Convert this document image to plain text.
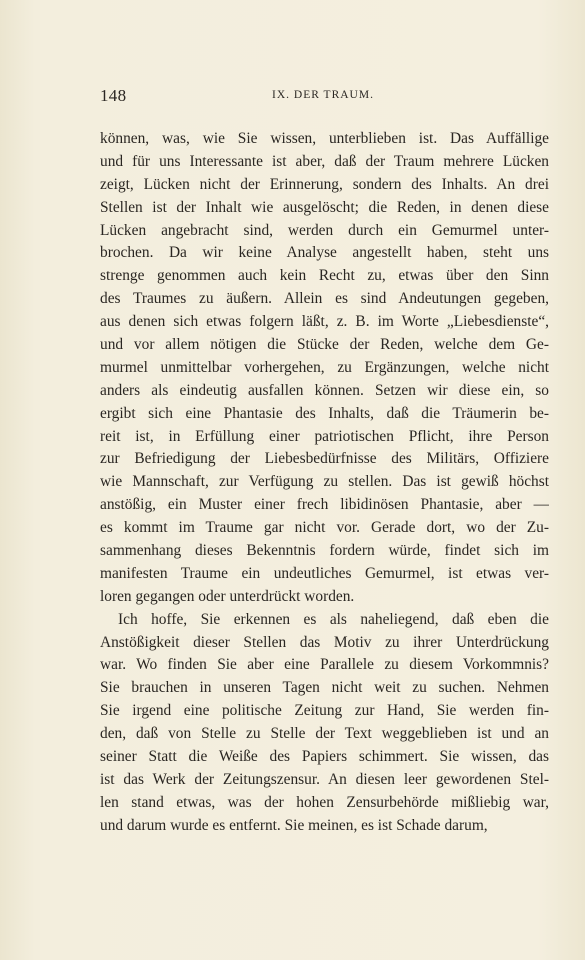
148	IX. DER TRAUM.
können, was, wie Sie wissen, unterblieben ist. Das Auffällige
und für uns Interessante ist aber, daß der Traum mehrere Lücken
zeigt, Lücken nicht der Erinnerung, sondern des Inhalts. An drei
Stellen ist der Inhalt wie ausgelöscht; die Reden, in denen diese
Lücken angebracht sind, werden durch ein Gemurmel unter-
brochen. Da wir keine Analyse angestellt haben, steht uns
strenge genommen auch kein Recht zu, etwas über den Sinn
des Traumes zu äußern. Allein es sind Andeutungen gegeben,
aus denen sich etwas folgern läßt, z. B. im Worte „Liebesdienste“,
und vor allem nötigen die Stücke der Reden, welche dem Ge-
murmel unmittelbar vorhergehen, zu Ergänzungen, welche nicht
anders als eindeutig ausfallen können. Setzen wir diese ein, so
ergibt sich eine Phantasie des Inhalts, daß die Träumerin be-
reit ist, in Erfüllung einer patriotischen Pflicht, ihre Person
zur Befriedigung der Liebesbedürfnisse des Militärs, Offiziere
wie Mannschaft, zur Verfügung zu stellen. Das ist gewiß höchst
anstößig, ein Muster einer frech libidinösen Phantasie, aber —
es kommt im Traume gar nicht vor. Gerade dort, wo der Zu-
sammenhang dieses Bekenntnis fordern würde, findet sich im
manifesten Traume ein undeutliches Gemurmel, ist etwas ver-
loren gegangen oder unterdrückt worden.
Ich hoffe, Sie erkennen es als naheliegend, daß eben die
Anstößigkeit dieser Stellen das Motiv zu ihrer Unterdrückung
war. Wo finden Sie aber eine Parallele zu diesem Vorkommnis?
Sie brauchen in unseren Tagen nicht weit zu suchen. Nehmen
Sie irgend eine politische Zeitung zur Hand, Sie werden fin-
den, daß von Stelle zu Stelle der Text weggeblieben ist und an
seiner Statt die Weiße des Papiers schimmert. Sie wissen, das
ist das Werk der Zeitungszensur. An diesen leer gewordenen Stel-
len stand etwas, was der hohen Zensurbehörde mißliebig war,
und darum wurde es entfernt. Sie meinen, es ist Schade darum,
